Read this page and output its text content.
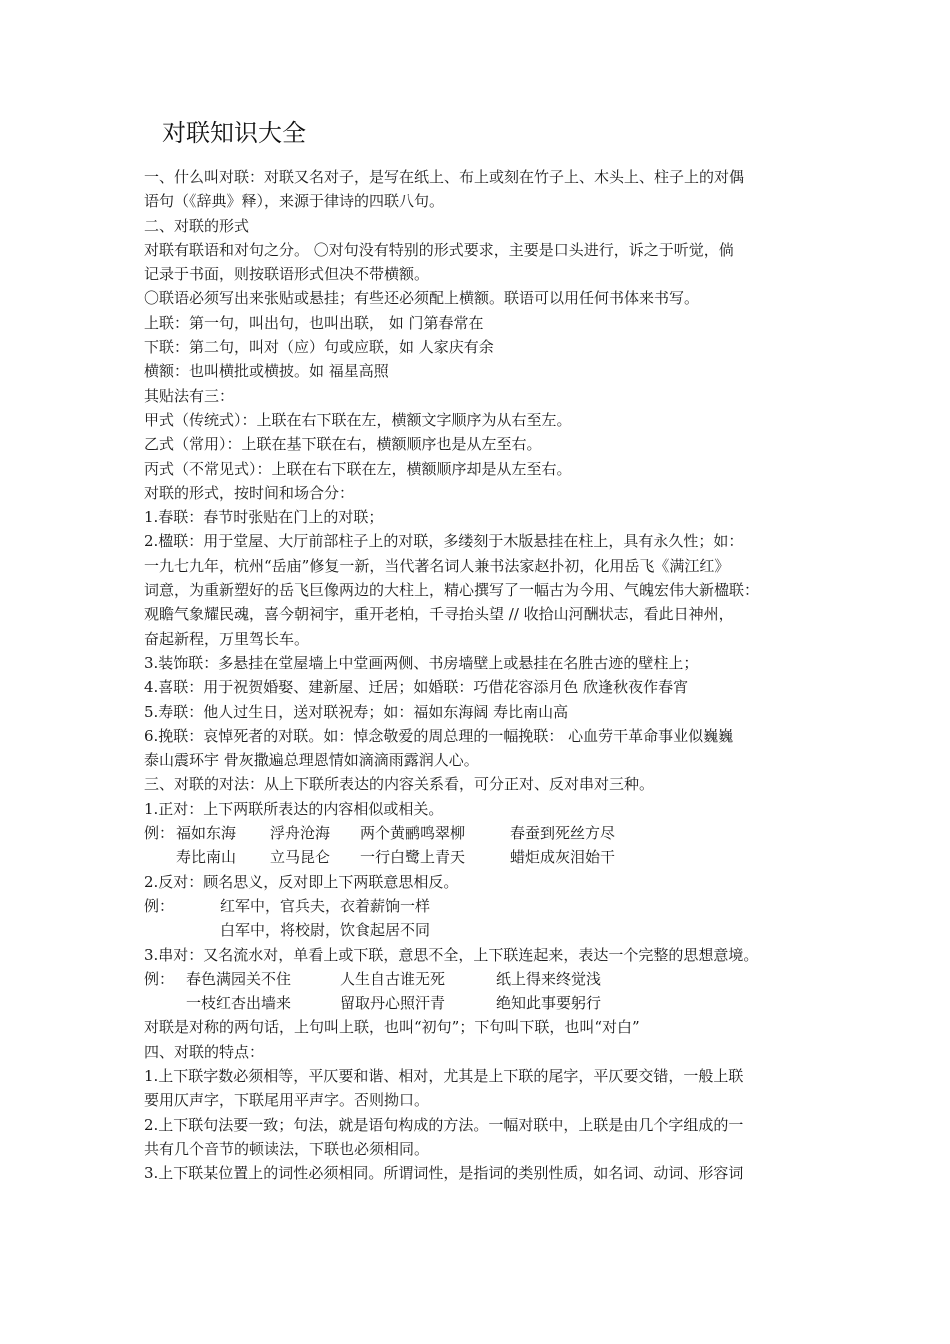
对联知识大全
一、什么叫对联：对联又名对子，是写在纸上、布上或刻在竹子上、木头上、柱子上的对偶
语句（《辞典》释），来源于律诗的四联八句。
二、对联的形式
对联有联语和对句之分。 〇对句没有特别的形式要求，主要是口头进行，诉之于听觉，倘
记录于书面，则按联语形式但决不带横额。
〇联语必须写出来张贴或悬挂；有些还必须配上横额。联语可以用任何书体来书写。
上联：第一句，叫出句，也叫出联， 如 门第春常在
下联：第二句，叫对（应）句或应联，如 人家庆有余
横额：也叫横批或横披。如 福星高照
其贴法有三：
甲式（传统式）：上联在右下联在左，横额文字顺序为从右至左。
乙式（常用）：上联在基下联在右，横额顺序也是从左至右。
丙式（不常见式）：上联在右下联在左，横额顺序却是从左至右。
对联的形式，按时间和场合分：
1.春联：春节时张贴在门上的对联；
2.楹联：用于堂屋、大厅前部柱子上的对联，多缕刻于木版悬挂在柱上，具有永久性；如：
一九七九年，杭州“岳庙”修复一新，当代著名词人兼书法家赵扑初，化用岳飞《满江红》
词意，为重新塑好的岳飞巨像两边的大柱上，精心撰写了一幅古为今用、气魄宏伟大新楹联：
观瞻气象耀民魂，喜今朝祠宇，重开老柏，千寻抬头望 // 收拾山河酬状志，看此日神州，
奋起新程，万里驾长车。
3.装饰联：多悬挂在堂屋墙上中堂画两侧、书房墙壁上或悬挂在名胜古迹的壁柱上；
4.喜联：用于祝贺婚娶、建新屋、迁居；如婚联：巧借花容添月色 欣逢秋夜作春宵
5.寿联：他人过生日，送对联祝寿；如：福如东海阔 寿比南山高
6.挽联：哀悼死者的对联。如：悼念敬爱的周总理的一幅挽联： 心血劳干革命事业似巍巍
泰山震环宇 骨灰撒遍总理恩情如滴滴雨露润人心。
三、对联的对法：从上下联所表达的内容关系看，可分正对、反对串对三种。
1.正对：上下两联所表达的内容相似或相关。
例： 福如东海	浮舟沧海	两个黄鹂鸣翠柳	春蚕到死丝方尽
寿比南山	立马昆仑	一行白鹭上青天	蜡炬成灰泪始干
2.反对：顾名思义，反对即上下两联意思相反。
例：	红军中，官兵夫，衣着薪饷一样
白军中，将校尉，饮食起居不同
3.串对：又名流水对，单看上或下联，意思不全，上下联连起来，表达一个完整的思想意境。
例： 春色满园关不住	人生自古谁无死	纸上得来终觉浅
一枝红杏出墙来	留取丹心照汗青	绝知此事要躬行
对联是对称的两句话，上句叫上联，也叫“初句”；下句叫下联，也叫“对白”
四、对联的特点：
1.上下联字数必须相等，平仄要和谐、相对，尤其是上下联的尾字，平仄要交错，一般上联
要用仄声字，下联尾用平声字。否则拗口。
2.上下联句法要一致；句法，就是语句构成的方法。一幅对联中，上联是由几个字组成的一
共有几个音节的顿读法，下联也必须相同。
3.上下联某位置上的词性必须相同。所谓词性，是指词的类别性质，如名词、动词、形容词
